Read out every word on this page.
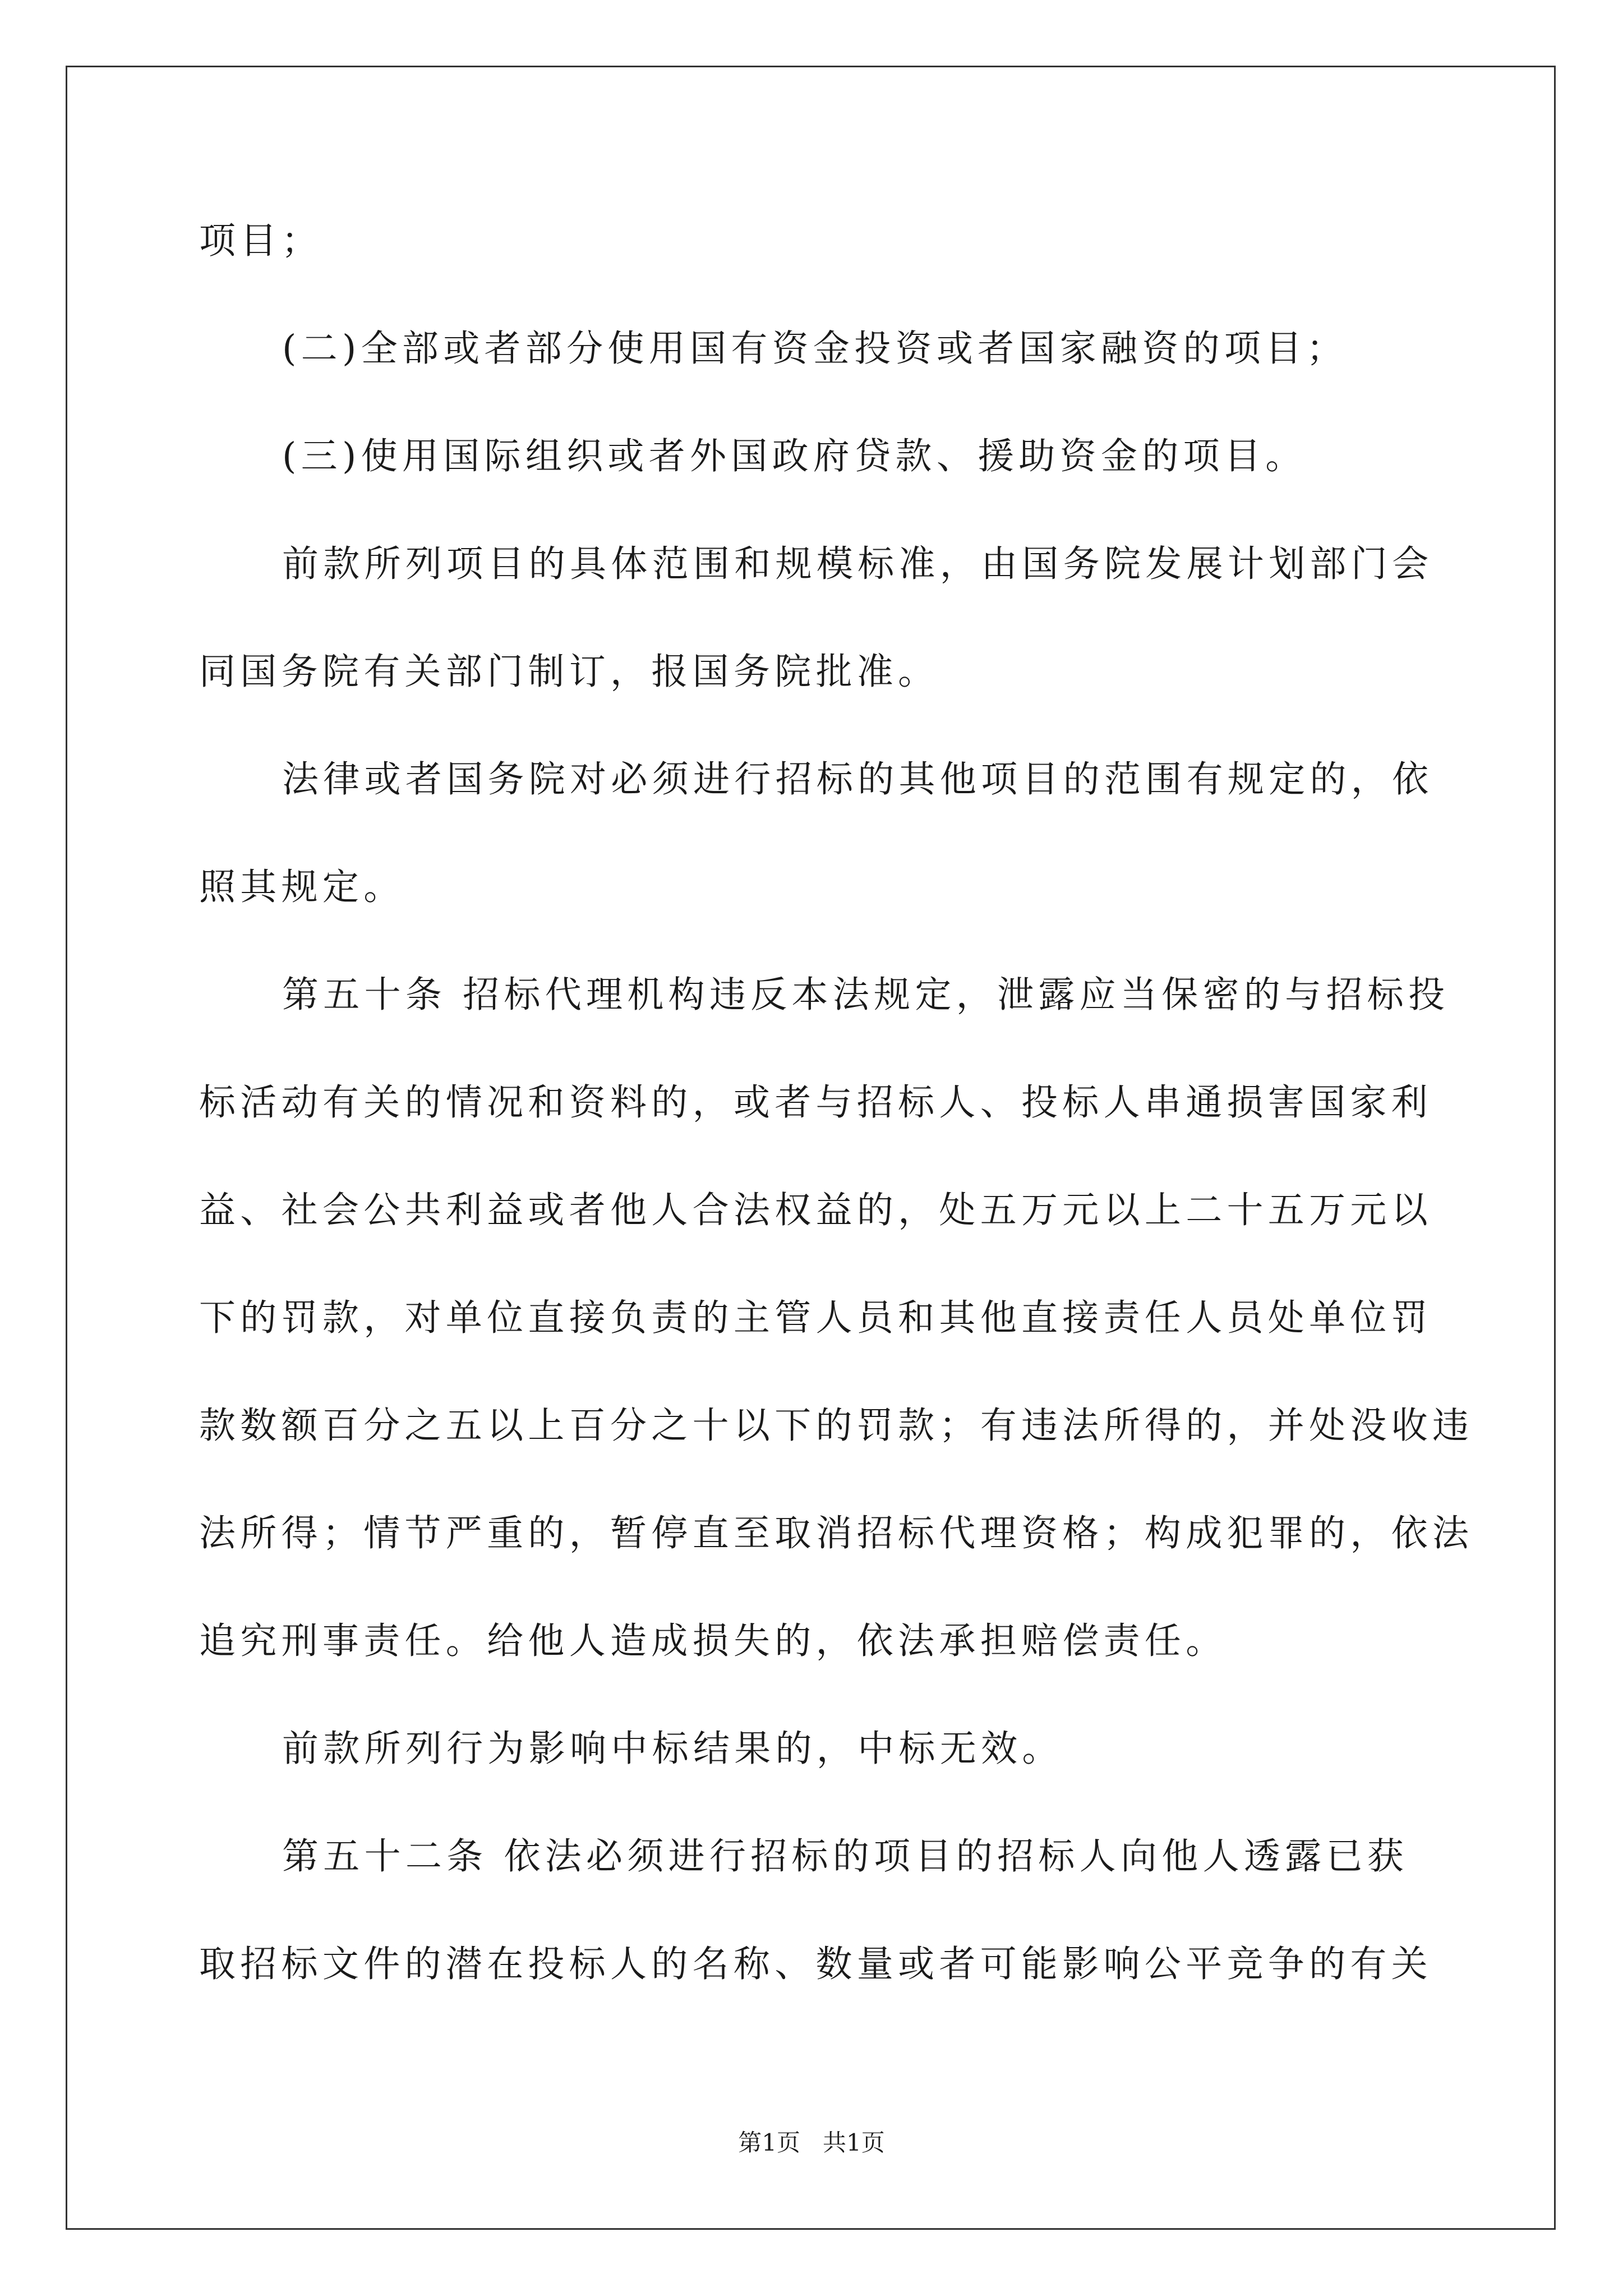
项目；
(二)全部或者部分使用国有资金投资或者国家融资的项目；
(三)使用国际组织或者外国政府贷款、援助资金的项目。
前款所列项目的具体范围和规模标准，由国务院发展计划部门会
同国务院有关部门制订，报国务院批准。
法律或者国务院对必须进行招标的其他项目的范围有规定的，依
照其规定。
第五十条 招标代理机构违反本法规定，泄露应当保密的与招标投
标活动有关的情况和资料的，或者与招标人、投标人串通损害国家利
益、社会公共利益或者他人合法权益的，处五万元以上二十五万元以
下的罚款，对单位直接负责的主管人员和其他直接责任人员处单位罚
款数额百分之五以上百分之十以下的罚款；有违法所得的，并处没收违
法所得；情节严重的，暂停直至取消招标代理资格；构成犯罪的，依法
追究刑事责任。给他人造成损失的，依法承担赔偿责任。
前款所列行为影响中标结果的，中标无效。
第五十二条 依法必须进行招标的项目的招标人向他人透露已获
取招标文件的潜在投标人的名称、数量或者可能影响公平竞争的有关
第1页   共1页
